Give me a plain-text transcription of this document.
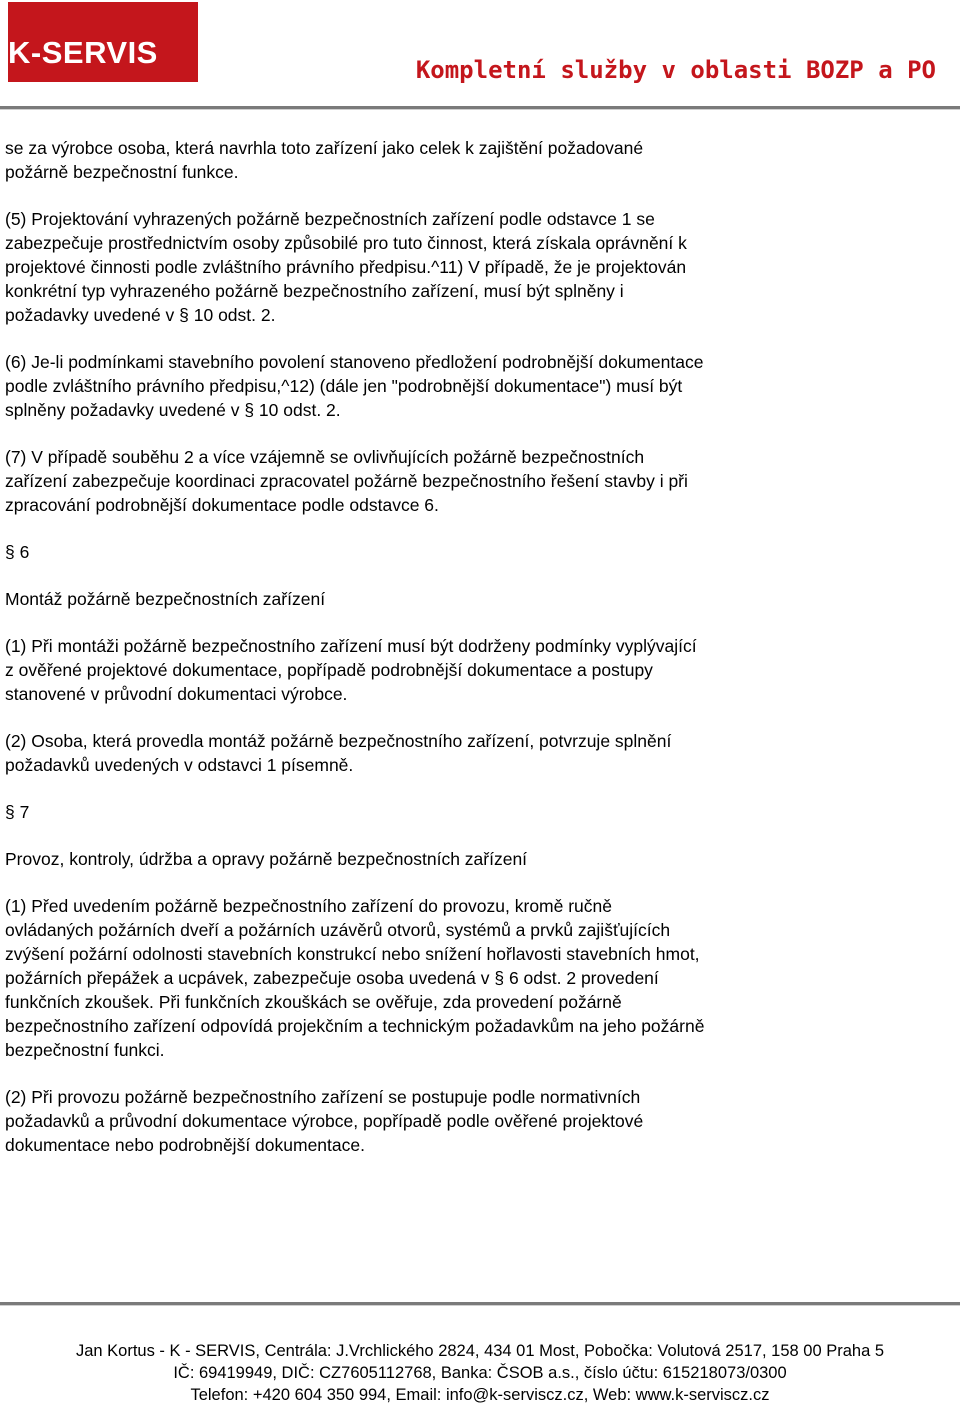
K-SERVIS	Kompletní služby v oblasti BOZP a PO

se za výrobce osoba, která navrhla toto zařízení jako celek k zajištění požadované požárně bezpečnostní funkce.

(5) Projektování vyhrazených požárně bezpečnostních zařízení podle odstavce 1 se zabezpečuje prostřednictvím osoby způsobilé pro tuto činnost, která získala oprávnění k projektové činnosti podle zvláštního právního předpisu.^11) V případě, že je projektován konkrétní typ vyhrazeného požárně bezpečnostního zařízení, musí být splněny i požadavky uvedené v § 10 odst. 2.

(6) Je-li podmínkami stavebního povolení stanoveno předložení podrobnější dokumentace podle zvláštního právního předpisu,^12) (dále jen "podrobnější dokumentace") musí být splněny požadavky uvedené v § 10 odst. 2.

(7) V případě souběhu 2 a více vzájemně se ovlivňujících požárně bezpečnostních zařízení zabezpečuje koordinaci zpracovatel požárně bezpečnostního řešení stavby i při zpracování podrobnější dokumentace podle odstavce 6.

§ 6

Montáž požárně bezpečnostních zařízení

(1) Při montáži požárně bezpečnostního zařízení musí být dodrženy podmínky vyplývající z ověřené projektové dokumentace, popřípadě podrobnější dokumentace a postupy stanovené v průvodní dokumentaci výrobce.

(2) Osoba, která provedla montáž požárně bezpečnostního zařízení, potvrzuje splnění požadavků uvedených v odstavci 1 písemně.

§ 7

Provoz, kontroly, údržba a opravy požárně bezpečnostních zařízení

(1) Před uvedením požárně bezpečnostního zařízení do provozu, kromě ručně ovládaných požárních dveří a požárních uzávěrů otvorů, systémů a prvků zajišťujících zvýšení požární odolnosti stavebních konstrukcí nebo snížení hořlavosti stavebních hmot, požárních přepážek a ucpávek, zabezpečuje osoba uvedená v § 6 odst. 2 provedení funkčních zkoušek. Při funkčních zkouškách se ověřuje, zda provedení požárně bezpečnostního zařízení odpovídá projekčním a technickým požadavkům na jeho požárně bezpečnostní funkci.

(2) Při provozu požárně bezpečnostního zařízení se postupuje podle normativních požadavků a průvodní dokumentace výrobce, popřípadě podle ověřené projektové dokumentace nebo podrobnější dokumentace.

Jan Kortus - K - SERVIS, Centrála: J.Vrchlického 2824, 434 01 Most, Pobočka: Volutová 2517, 158 00 Praha 5
IČ: 69419949, DIČ: CZ7605112768, Banka: ČSOB a.s., číslo účtu: 615218073/0300
Telefon: +420 604 350 994, Email: info@k-serviscz.cz, Web: www.k-serviscz.cz
